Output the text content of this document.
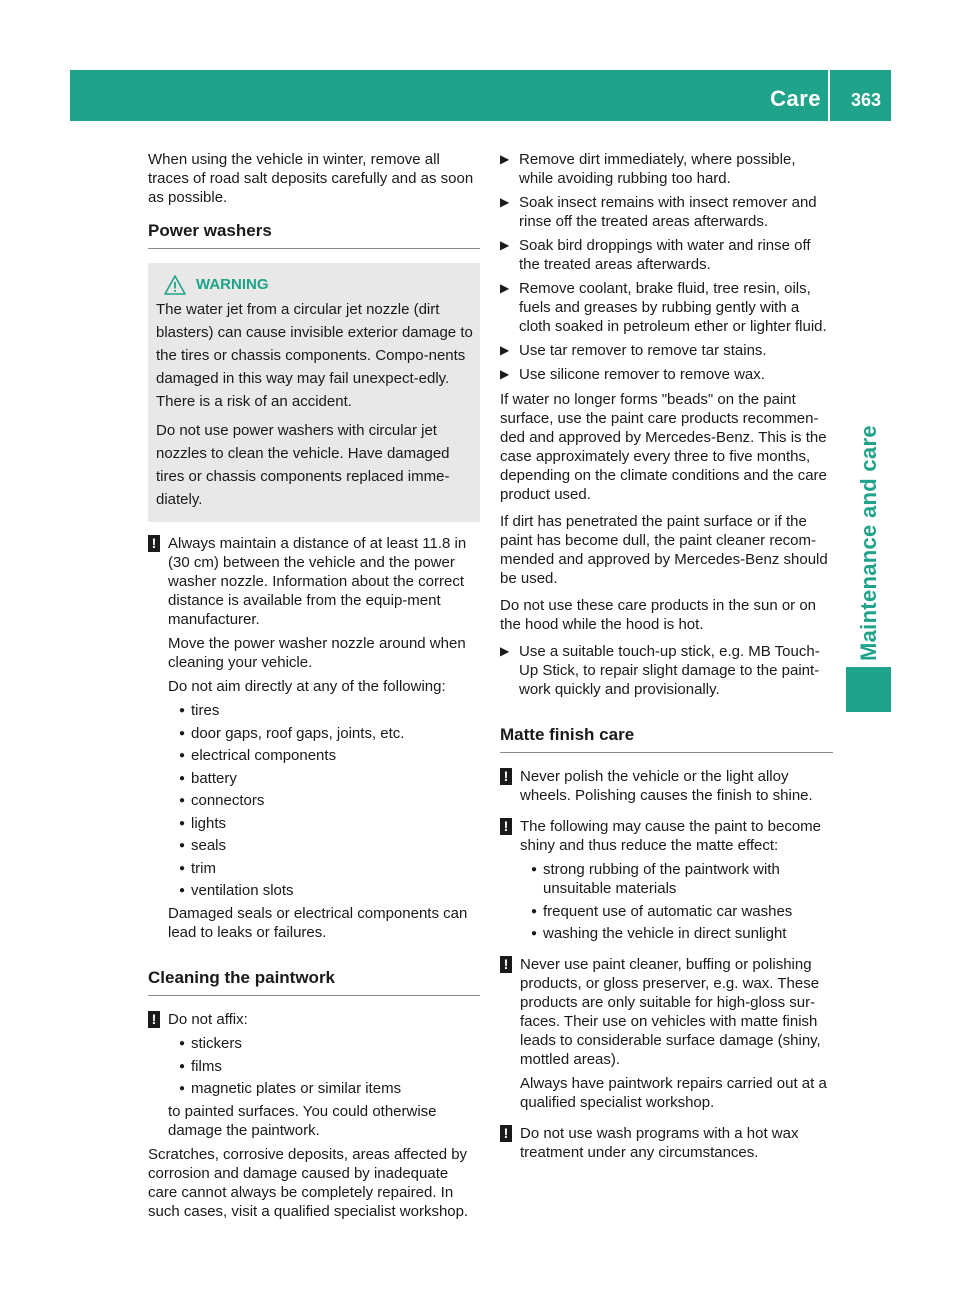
Care 363
Maintenance and care

When using the vehicle in winter, remove all traces of road salt deposits carefully and as soon as possible.

Power washers
WARNING

The water jet from a circular jet nozzle (dirt blasters) can cause invisible exterior damage to the tires or chassis components. Compo-nents damaged in this way may fail unexpect-edly. There is a risk of an accident.

Do not use power washers with circular jet nozzles to clean the vehicle. Have damaged tires or chassis components replaced imme-diately.

! Always maintain a distance of at least 11.8 in (30 cm) between the vehicle and the power washer nozzle. Information about the correct distance is available from the equip-ment manufacturer.

Move the power washer nozzle around when cleaning your vehicle.

Do not aim directly at any of the following:

● tires
● door gaps, roof gaps, joints, etc.
● electrical components
● battery
● connectors
● lights
● seals
● trim
● ventilation slots

Damaged seals or electrical components can lead to leaks or failures.

Cleaning the paintwork
! Do not affix:

● stickers
● films
● magnetic plates or similar items

to painted surfaces. You could otherwise damage the paintwork.

Scratches, corrosive deposits, areas affected by corrosion and damage caused by inadequate care cannot always be completely repaired. In such cases, visit a qualified specialist workshop.

▶ Remove dirt immediately, where possible, while avoiding rubbing too hard.
▶ Soak insect remains with insect remover and rinse off the treated areas afterwards.
▶ Soak bird droppings with water and rinse off the treated areas afterwards.
▶ Remove coolant, brake fluid, tree resin, oils, fuels and greases by rubbing gently with a cloth soaked in petroleum ether or lighter fluid.
▶ Use tar remover to remove tar stains.
▶ Use silicone remover to remove wax.

If water no longer forms "beads" on the paint surface, use the paint care products recommen-ded and approved by Mercedes-Benz. This is the case approximately every three to five months, depending on the climate conditions and the care product used.

If dirt has penetrated the paint surface or if the paint has become dull, the paint cleaner recom-mended and approved by Mercedes-Benz should be used.

Do not use these care products in the sun or on the hood while the hood is hot.

▶ Use a suitable touch-up stick, e.g. MB Touch-Up Stick, to repair slight damage to the paint-work quickly and provisionally.
Matte finish care
! Never polish the vehicle or the light alloy wheels. Polishing causes the finish to shine.

! The following may cause the paint to become shiny and thus reduce the matte effect:

● strong rubbing of the paintwork with unsuitable materials
● frequent use of automatic car washes
● washing the vehicle in direct sunlight
! Never use paint cleaner, buffing or polishing products, or gloss preserver, e.g. wax. These products are only suitable for high-gloss sur-faces. Their use on vehicles with matte finish leads to considerable surface damage (shiny, mottled areas).

Always have paintwork repairs carried out at a qualified specialist workshop.

! Do not use wash programs with a hot wax treatment under any circumstances.
